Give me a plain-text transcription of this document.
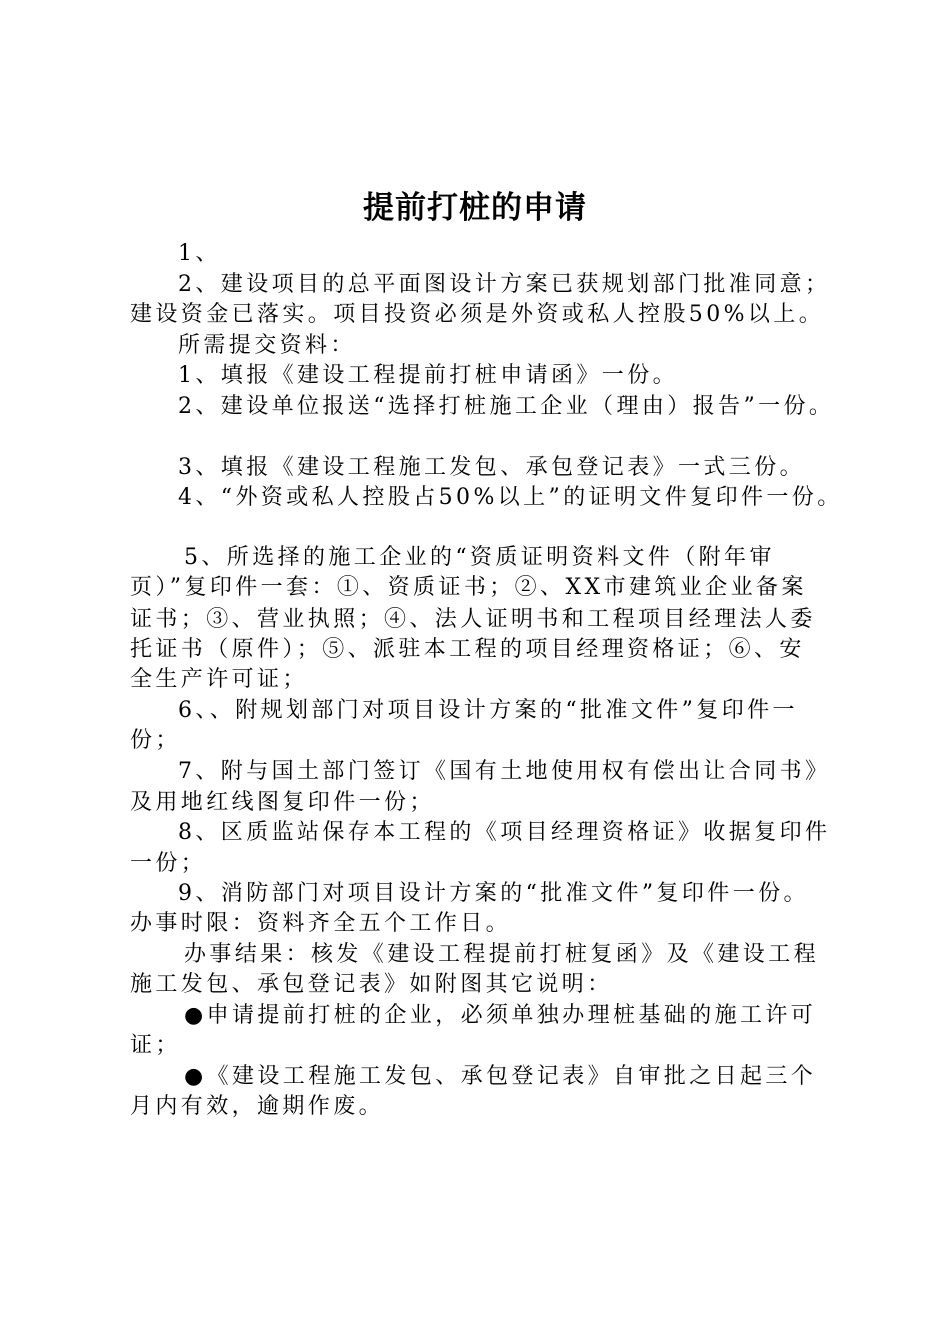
提前打桩的申请
1、
2、建设项目的总平面图设计方案已获规划部门批准同意；
建设资金已落实。项目投资必须是外资或私人控股50%以上。
所需提交资料：
1、填报《建设工程提前打桩申请函》一份。
2、建设单位报送“选择打桩施工企业（理由）报告”一份。
3、填报《建设工程施工发包、承包登记表》一式三份。
4、“外资或私人控股占50%以上”的证明文件复印件一份。
5、所选择的施工企业的“资质证明资料文件（附年审
页）”复印件一套：①、资质证书；②、XX市建筑业企业备案
证书；③、营业执照；④、法人证明书和工程项目经理法人委
托证书（原件）；⑤、派驻本工程的项目经理资格证；⑥、安
全生产许可证；
6、、附规划部门对项目设计方案的“批准文件”复印件一
份；
7、附与国土部门签订《国有土地使用权有偿出让合同书》
及用地红线图复印件一份；
8、区质监站保存本工程的《项目经理资格证》收据复印件
一份；
9、消防部门对项目设计方案的“批准文件”复印件一份。
办事时限：资料齐全五个工作日。
办事结果：核发《建设工程提前打桩复函》及《建设工程
施工发包、承包登记表》如附图其它说明：
●申请提前打桩的企业，必须单独办理桩基础的施工许可
证；
●《建设工程施工发包、承包登记表》自审批之日起三个
月内有效，逾期作废。
